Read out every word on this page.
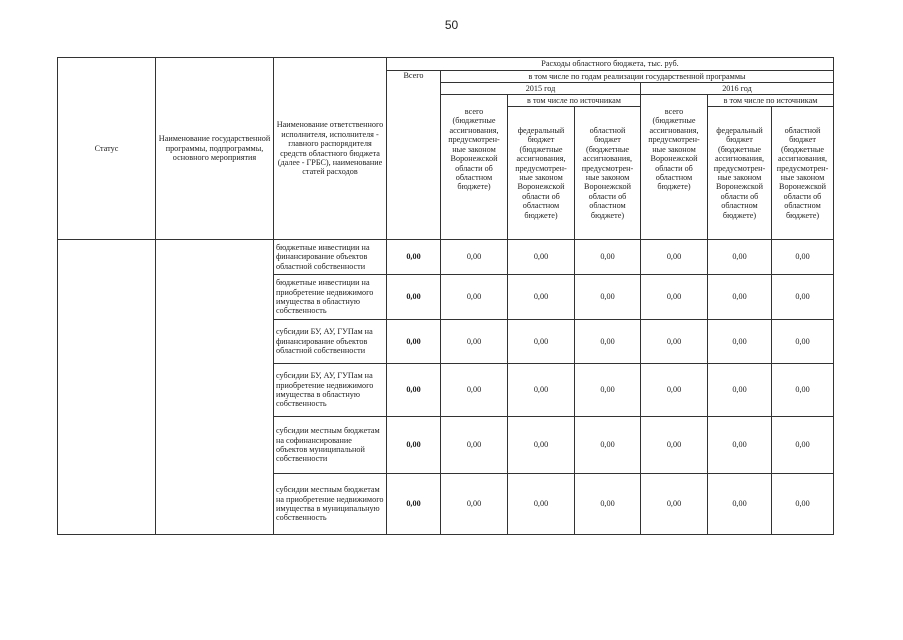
50
Статус	Наименование государственной программы, подпрограммы, основного мероприятия	Наименование ответственного исполнителя, исполнителя - главного распорядителя средств областного бюджета (далее - ГРБС), наименование статей расходов	Расходы областного бюджета, тыс. руб.						
			Всего	в том числе по годам реализации государственной программы					
				2015 год			2016 год		
				всего (бюджетные ассигнования, предусмотрен-ные законом Воронежской области об областном бюджете)	в том числе по источникам		всего (бюджетные ассигнования, предусмотрен-ные законом Воронежской области об областном бюджете)	в том числе по источникам	
					федеральный бюджет (бюджетные ассигнования, предусмотрен-ные законом Воронежской области об областном бюджете)	областной бюджет (бюджетные ассигнования, предусмотрен-ные законом Воронежской области об областном бюджете)		федеральный бюджет (бюджетные ассигнования, предусмотрен-ные законом Воронежской области об областном бюджете)	областной бюджет (бюджетные ассигнования, предусмотрен-ные законом Воронежской области об областном бюджете)
		бюджетные инвестиции на финансирование объектов областной собственности	0,00	0,00	0,00	0,00	0,00	0,00	0,00
		бюджетные инвестиции на приобретение недвижимого имущества в областную собственность	0,00	0,00	0,00	0,00	0,00	0,00	0,00
		субсидии БУ, АУ, ГУПам на финансирование объектов областной собственности	0,00	0,00	0,00	0,00	0,00	0,00	0,00
		субсидии БУ, АУ, ГУПам на приобретение недвижимого имущества в областную собственность	0,00	0,00	0,00	0,00	0,00	0,00	0,00
		субсидии местным бюджетам на софинансирование объектов муниципальной собственности	0,00	0,00	0,00	0,00	0,00	0,00	0,00
		субсидии местным бюджетам на приобретение недвижимого имущества в муниципальную собственность	0,00	0,00	0,00	0,00	0,00	0,00	0,00
